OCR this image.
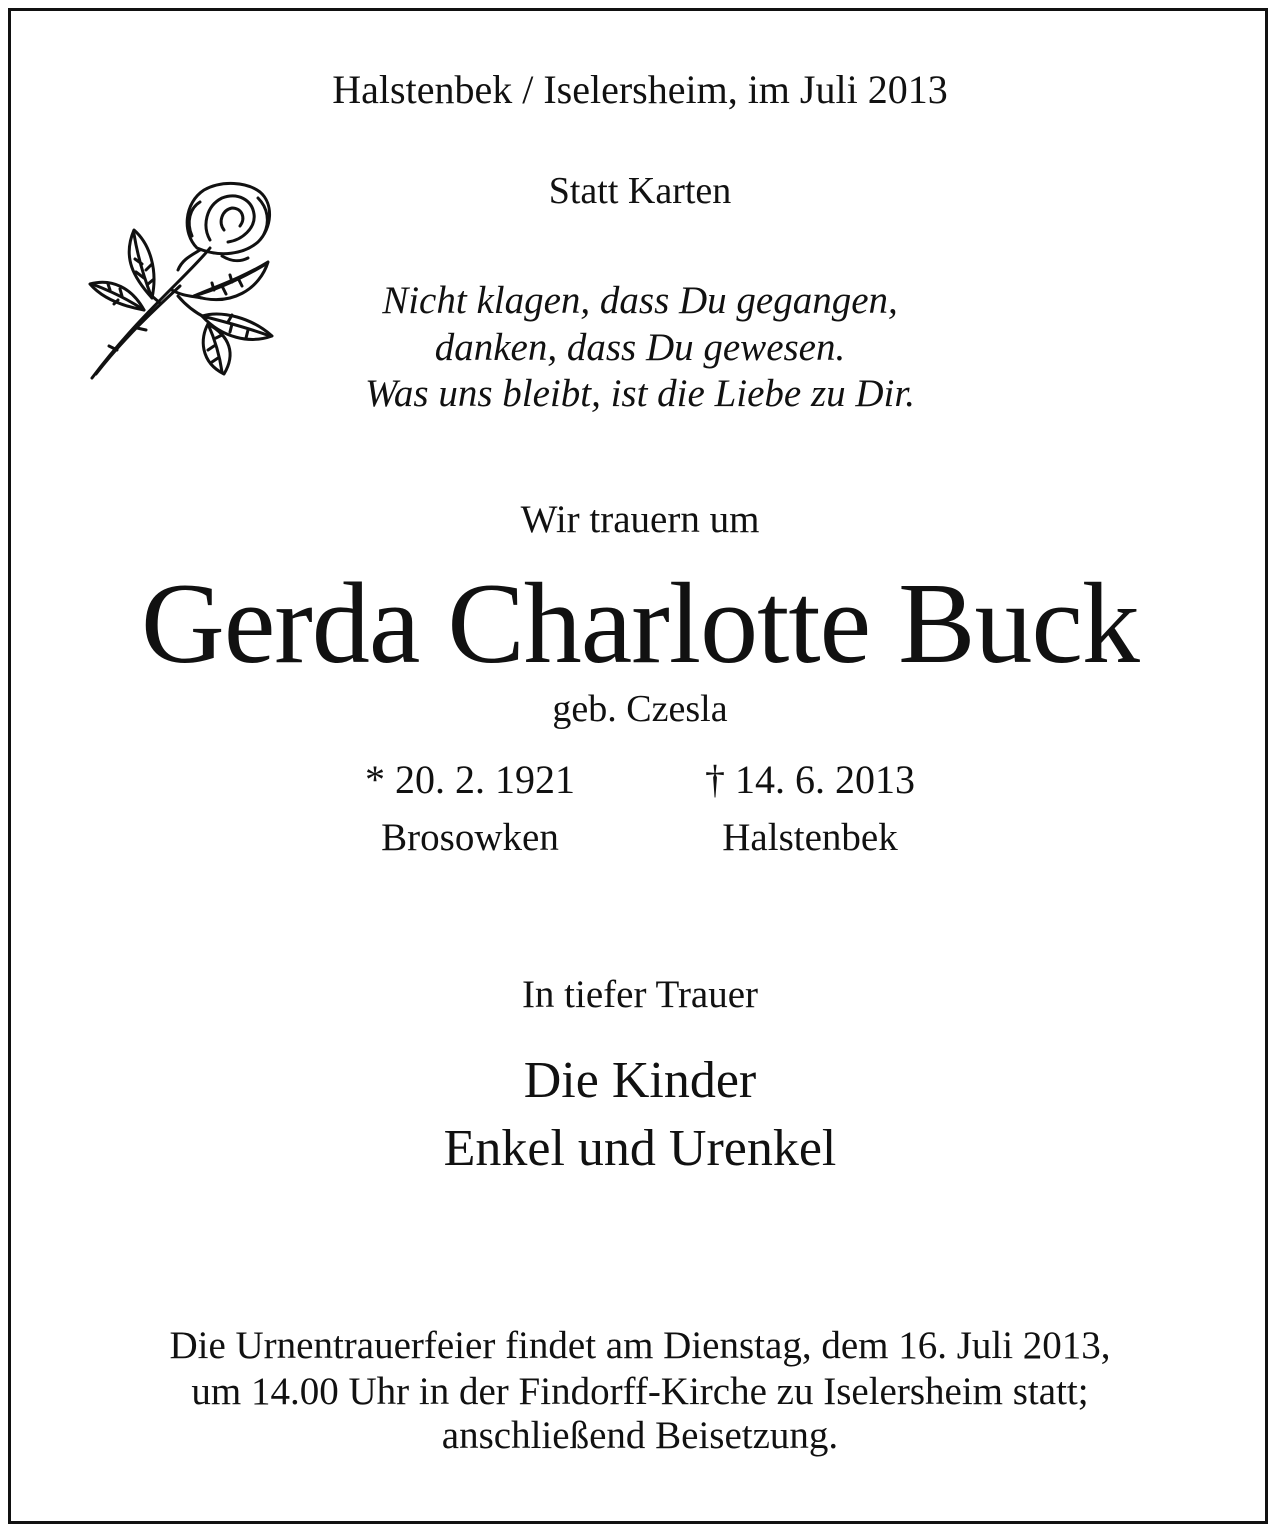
Halstenbek / Iselersheim, im Juli 2013
Statt Karten
Nicht klagen, dass Du gegangen,
danken, dass Du gewesen.
Was uns bleibt, ist die Liebe zu Dir.
Wir trauern um
Gerda Charlotte Buck
geb. Czesla
* 20. 2. 1921
Brosowken
† 14. 6. 2013
Halstenbek
In tiefer Trauer
Die Kinder
Enkel und Urenkel
Die Urnentrauerfeier findet am Dienstag, dem 16. Juli 2013,
um 14.00 Uhr in der Findorff-Kirche zu Iselersheim statt;
anschließend Beisetzung.
